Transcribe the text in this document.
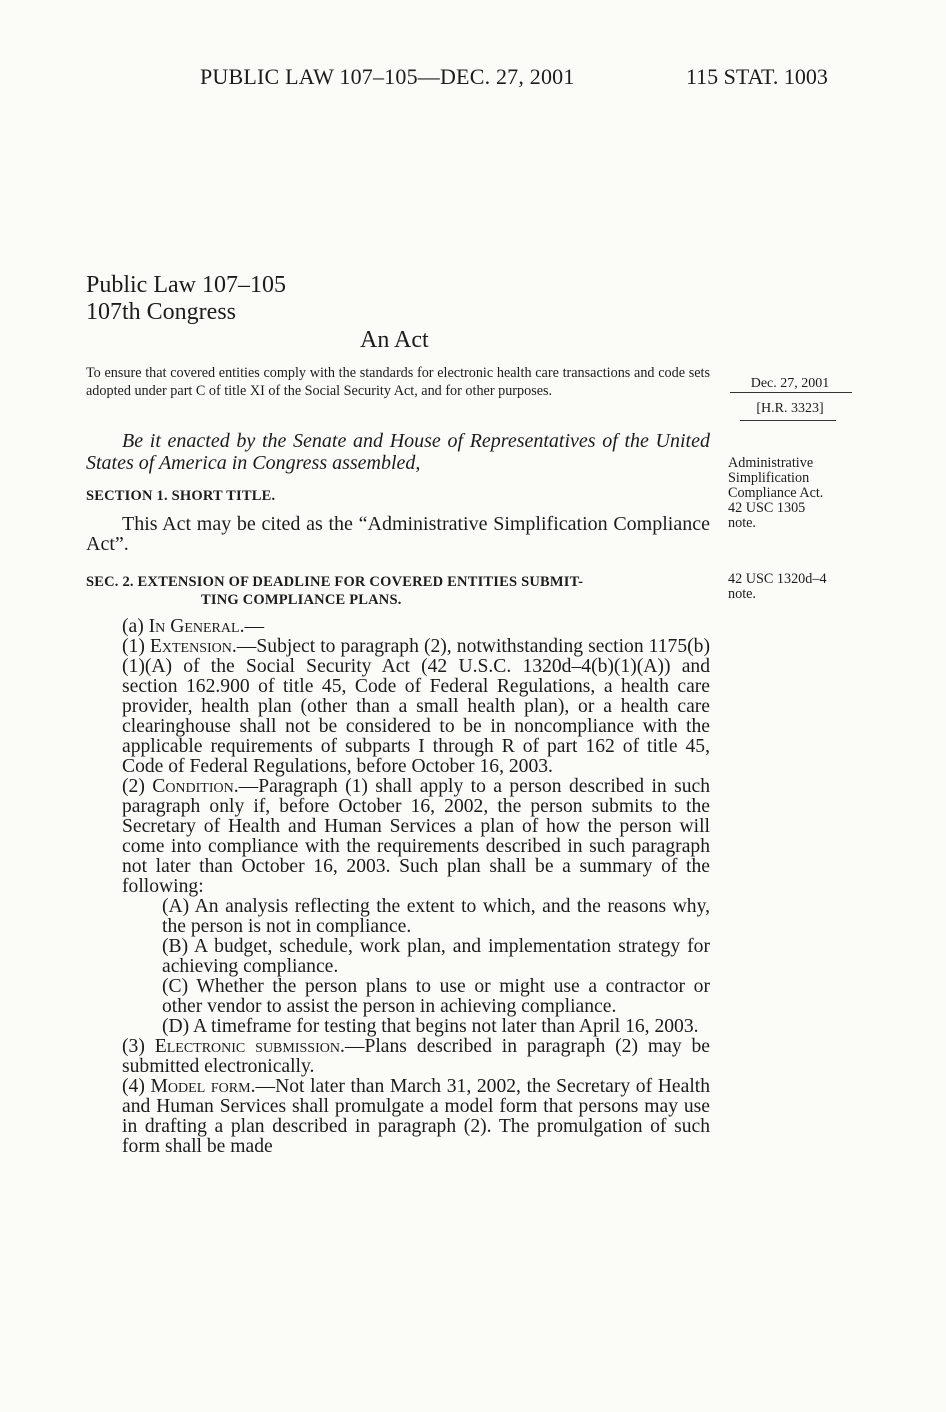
PUBLIC LAW 107–105—DEC. 27, 2001	115 STAT. 1003
Public Law 107–105
107th Congress
An Act
To ensure that covered entities comply with the standards for electronic health care transactions and code sets adopted under part C of title XI of the Social Security Act, and for other purposes.	Dec. 27, 2001
[H.R. 3323]
Be it enacted by the Senate and House of Representatives of the United States of America in Congress assembled,	Administrative
Simplification
Compliance Act.
42 USC 1305
note.
SECTION 1. SHORT TITLE.
This Act may be cited as the “Administrative Simplification Compliance Act”.
SEC. 2. EXTENSION OF DEADLINE FOR COVERED ENTITIES SUBMIT-
TING COMPLIANCE PLANS.
42 USC 1320d–4
note.

(a) In General.—

(1) Extension.—Subject to paragraph (2), notwithstanding section 1175(b)(1)(A) of the Social Security Act (42 U.S.C. 1320d–4(b)(1)(A)) and section 162.900 of title 45, Code of Federal Regulations, a health care provider, health plan (other than a small health plan), or a health care clearinghouse shall not be considered to be in noncompliance with the applicable requirements of subparts I through R of part 162 of title 45, Code of Federal Regulations, before October 16, 2003.

(2) Condition.—Paragraph (1) shall apply to a person described in such paragraph only if, before October 16, 2002, the person submits to the Secretary of Health and Human Services a plan of how the person will come into compliance with the requirements described in such paragraph not later than October 16, 2003. Such plan shall be a summary of the following:

(A) An analysis reflecting the extent to which, and the reasons why, the person is not in compliance.

(B) A budget, schedule, work plan, and implementation strategy for achieving compliance.

(C) Whether the person plans to use or might use a contractor or other vendor to assist the person in achieving compliance.

(D) A timeframe for testing that begins not later than April 16, 2003.

(3) Electronic submission.—Plans described in paragraph (2) may be submitted electronically.

(4) Model form.—Not later than March 31, 2002, the Secretary of Health and Human Services shall promulgate a model form that persons may use in drafting a plan described in paragraph (2). The promulgation of such form shall be made
